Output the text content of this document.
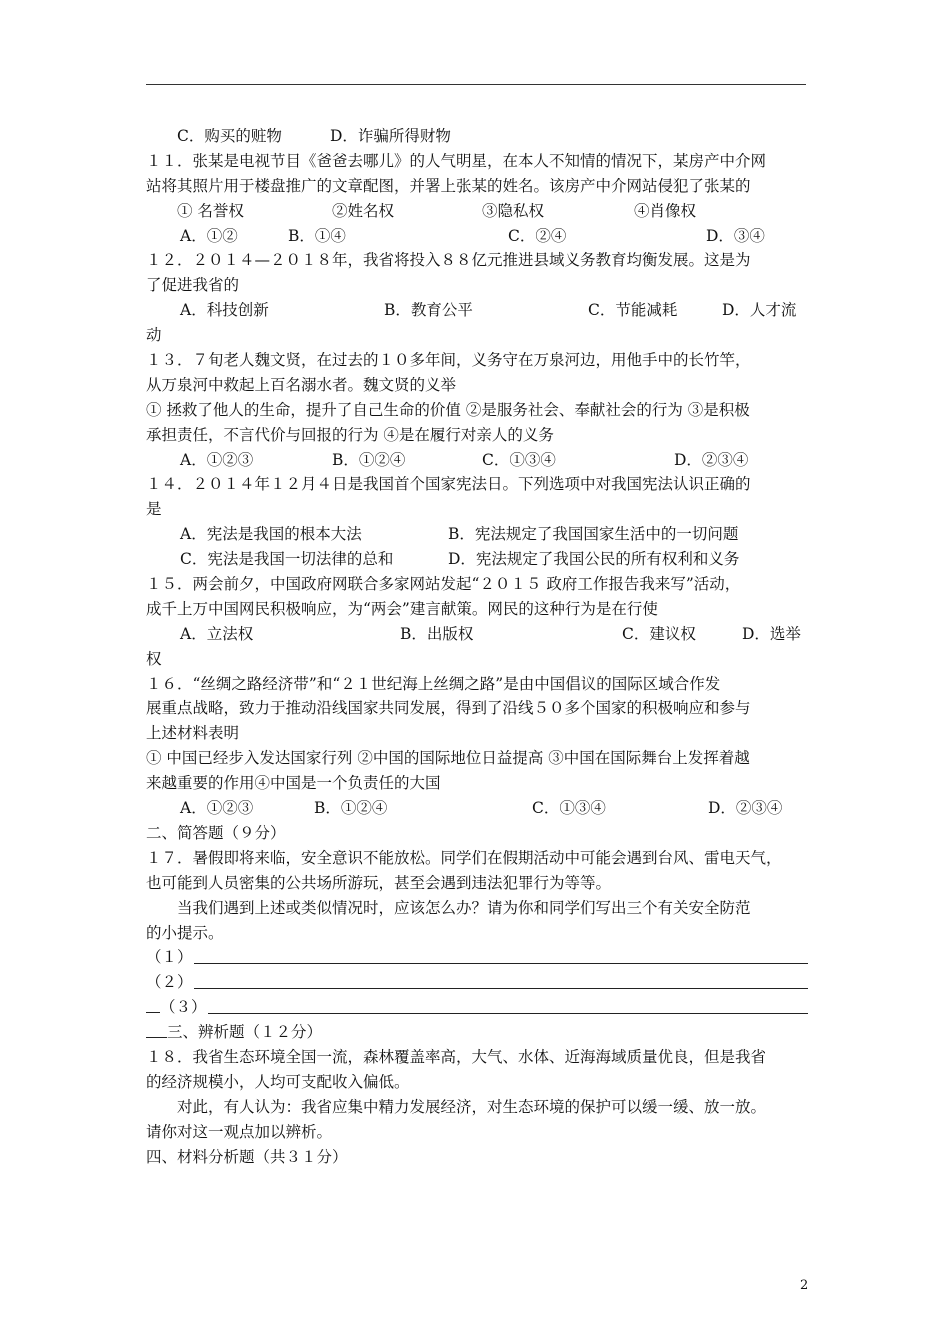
C．购买的赃物	D．诈骗所得财物
１１．张某是电视节目《爸爸去哪儿》的人气明星，在本人不知情的情况下，某房产中介网
站将其照片用于楼盘推广的文章配图，并署上张某的姓名。该房产中介网站侵犯了张某的
① 名誉权	②姓名权	③隐私权	④肖像权
A．①②	B．①④	C．②④	D．③④
１２．２０１４—２０１８年，我省将投入８８亿元推进县域义务教育均衡发展。这是为
了促进我省的
A．科技创新	B．教育公平	C．节能减耗	D．人才流
动
１３．７旬老人魏文贤，在过去的１０多年间，义务守在万泉河边，用他手中的长竹竿，
从万泉河中救起上百名溺水者。魏文贤的义举
① 拯救了他人的生命，提升了自己生命的价值 ②是服务社会、奉献社会的行为 ③是积极
承担责任，不言代价与回报的行为 ④是在履行对亲人的义务
A．①②③	B．①②④	C．①③④	D．②③④
１４．２０１４年１２月４日是我国首个国家宪法日。下列选项中对我国宪法认识正确的
是
A．宪法是我国的根本大法	B．宪法规定了我国国家生活中的一切问题
C．宪法是我国一切法律的总和	D．宪法规定了我国公民的所有权利和义务
１５．两会前夕，中国政府网联合多家网站发起“２０１５ 政府工作报告我来写”活动，
成千上万中国网民积极响应，为“两会”建言献策。网民的这种行为是在行使
A．立法权	B．出版权	C．建议权	D．选举
权
１６．“丝绸之路经济带”和“２１世纪海上丝绸之路”是由中国倡议的国际区域合作发
展重点战略，致力于推动沿线国家共同发展，得到了沿线５０多个国家的积极响应和参与
上述材料表明
① 中国已经步入发达国家行列 ②中国的国际地位日益提高 ③中国在国际舞台上发挥着越
来越重要的作用④中国是一个负责任的大国
A．①②③	B．①②④	C．①③④	D．②③④
二、简答题（９分）
１７．暑假即将来临，安全意识不能放松。同学们在假期活动中可能会遇到台风、雷电天气，
也可能到人员密集的公共场所游玩，甚至会遇到违法犯罪行为等等。
当我们遇到上述或类似情况时，应该怎么办？请为你和同学们写出三个有关安全防范
的小提示。
（１）
（２）
（３）
三、辨析题（１２分）
１８．我省生态环境全国一流，森林覆盖率高，大气、水体、近海海域质量优良，但是我省
的经济规模小，人均可支配收入偏低。
对此，有人认为：我省应集中精力发展经济，对生态环境的保护可以缓一缓、放一放。
请你对这一观点加以辨析。
四、材料分析题（共３１分）
2
